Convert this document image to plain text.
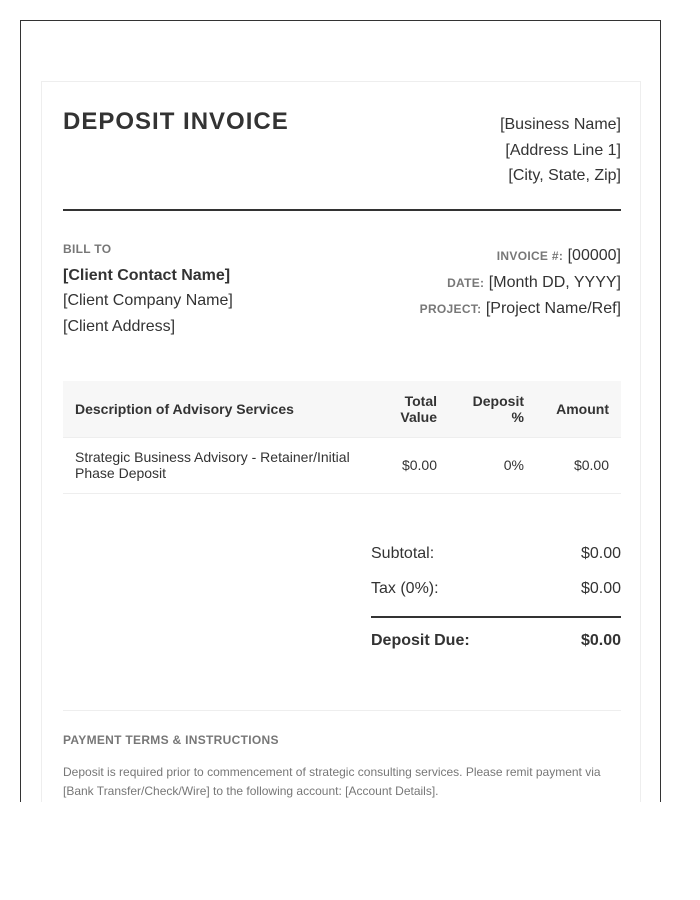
DEPOSIT INVOICE	[Business Name]
[Address Line 1]
[City, State, Zip]
BILL TO
[Client Contact Name]
[Client Company Name]
[Client Address]
INVOICE #: [00000]
DATE: [Month DD, YYYY]
PROJECT: [Project Name/Ref]
Description of Advisory Services	Total Value	Deposit %	Amount
Strategic Business Advisory - Retainer/Initial Phase Deposit	$0.00	0%	$0.00
Subtotal:	$0.00
Tax (0%):	$0.00
Deposit Due:	$0.00
PAYMENT TERMS & INSTRUCTIONS
Deposit is required prior to commencement of strategic consulting services. Please remit payment via [Bank Transfer/Check/Wire] to the following account: [Account Details].
